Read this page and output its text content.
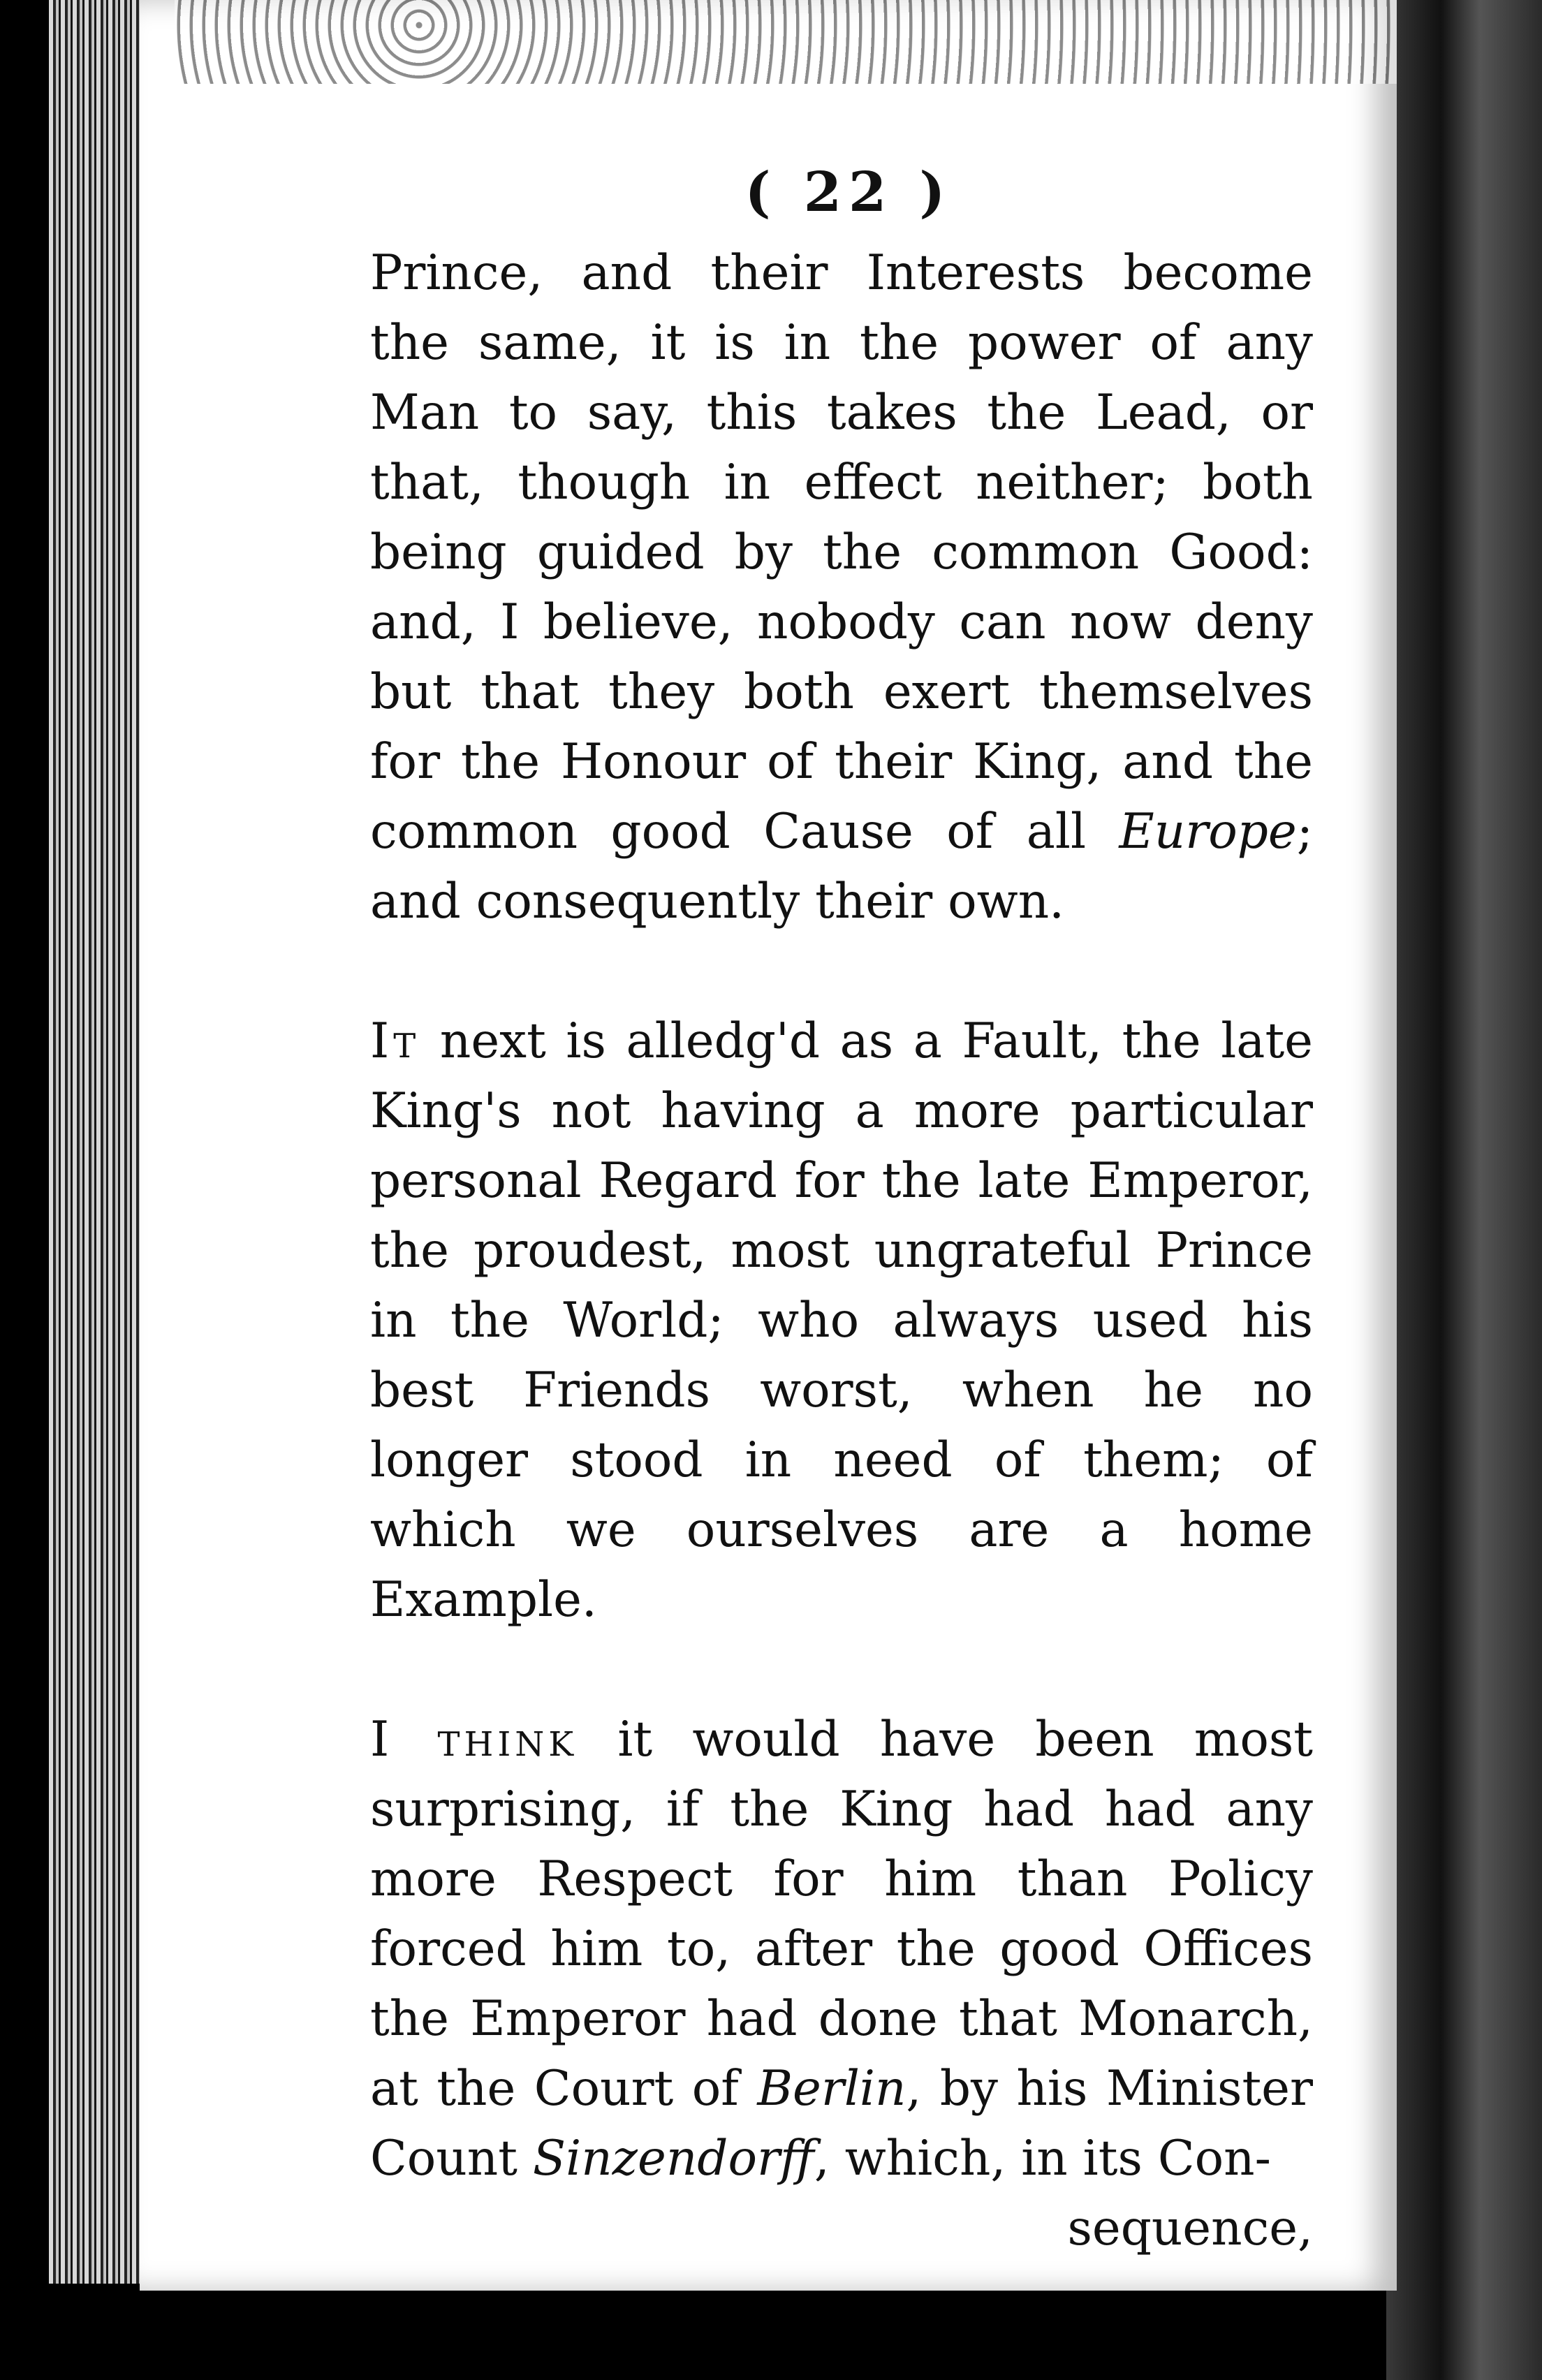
( 22 )

Prince, and their Interests become the same, it is in the power of any Man to say, this takes the Lead, or that, though in effect neither; both being guided by the common Good: and, I believe, nobody can now deny but that they both exert themselves for the Honour of their King, and the common good Cause of all Europe; and consequently their own.

It next is alledg'd as a Fault, the late King's not having a more particular personal Regard for the late Emperor, the proudest, most ungrateful Prince in the World; who always used his best Friends worst, when he no longer stood in need of them; of which we ourselves are a home Example.

I think it would have been most surprising, if the King had had any more Respect for him than Policy forced him to, after the good Offices the Emperor had done that Monarch, at the Court of Berlin, by his Minister Count Sinzendorff, which, in its Con-

sequence,
